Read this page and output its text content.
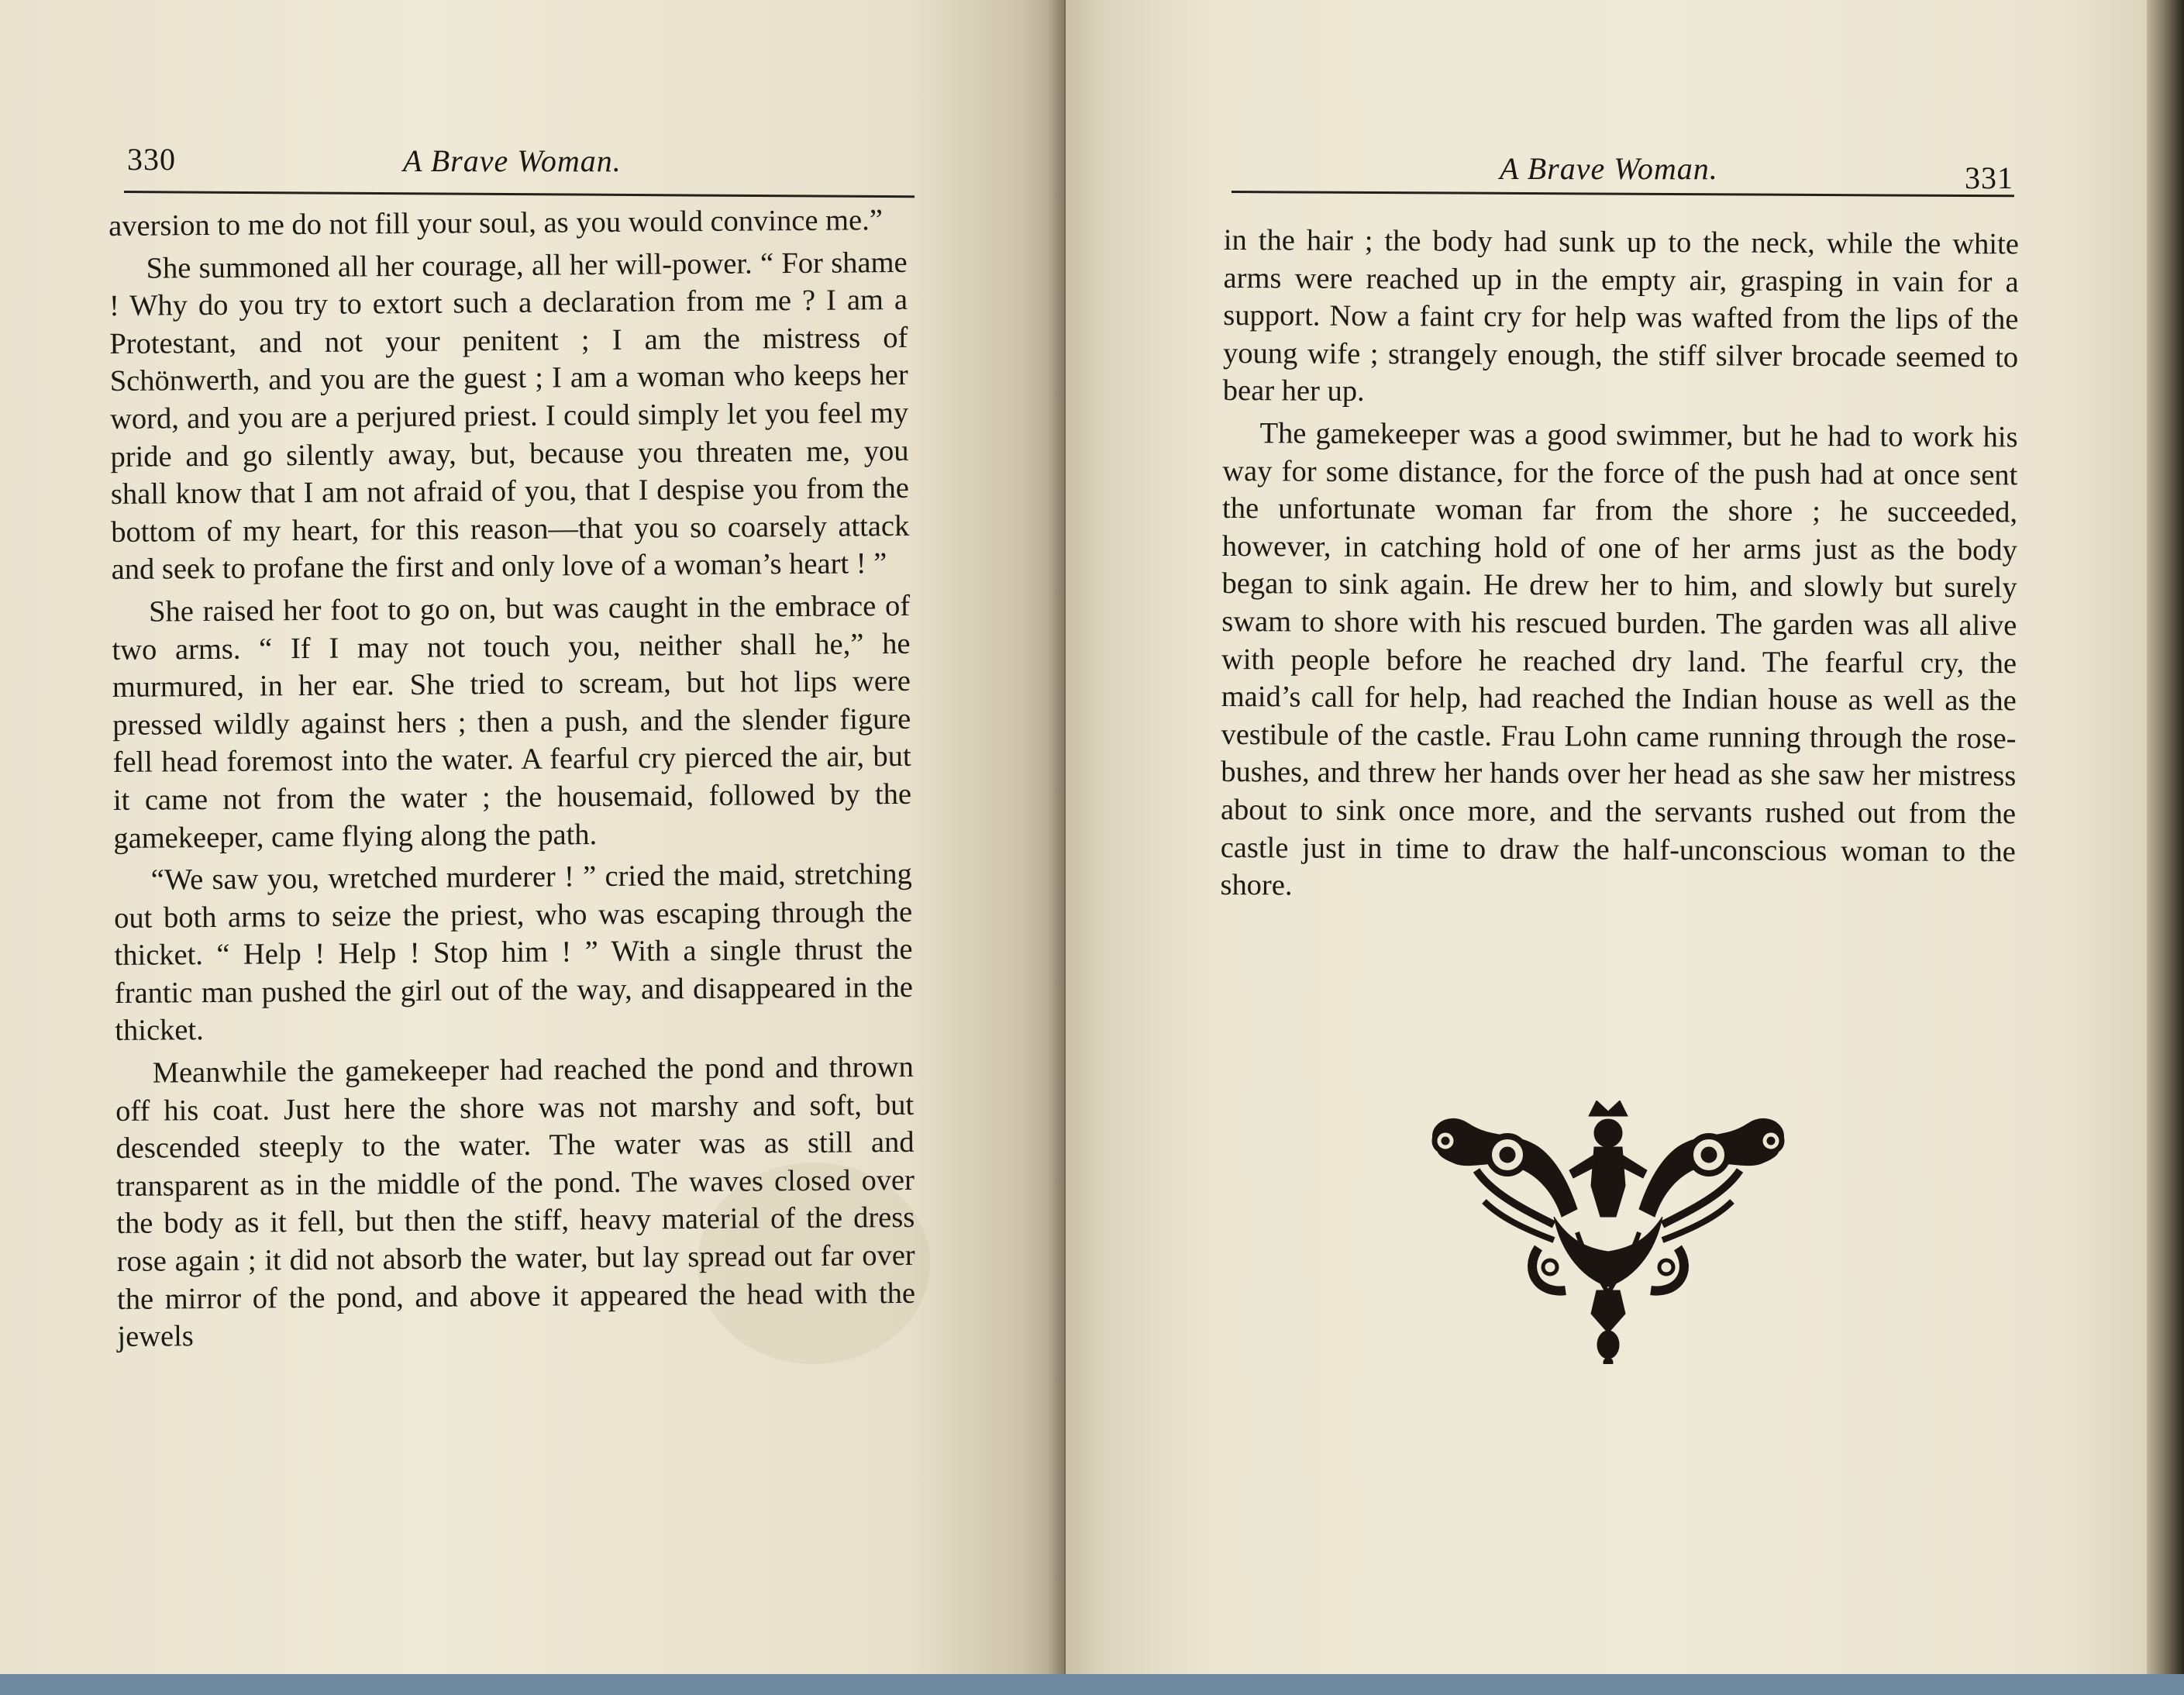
330	A Brave Woman.

aversion to me do not fill your soul, as you would convince me.”

She summoned all her courage, all her will-power. “ For shame ! Why do you try to extort such a declaration from me ? I am a Protestant, and not your penitent ; I am the mistress of Schönwerth, and you are the guest ; I am a woman who keeps her word, and you are a perjured priest. I could simply let you feel my pride and go silently away, but, because you threaten me, you shall know that I am not afraid of you, that I despise you from the bottom of my heart, for this reason—that you so coarsely attack and seek to profane the first and only love of a woman’s heart ! ”

She raised her foot to go on, but was caught in the embrace of two arms. “ If I may not touch you, neither shall he,” he murmured, in her ear. She tried to scream, but hot lips were pressed wildly against hers ; then a push, and the slender figure fell head foremost into the water. A fearful cry pierced the air, but it came not from the water ; the housemaid, followed by the gamekeeper, came flying along the path.

“We saw you, wretched murderer ! ” cried the maid, stretching out both arms to seize the priest, who was escaping through the thicket. “ Help ! Help ! Stop him ! ” With a single thrust the frantic man pushed the girl out of the way, and disappeared in the thicket.

Meanwhile the gamekeeper had reached the pond and thrown off his coat. Just here the shore was not marshy and soft, but descended steeply to the water. The water was as still and transparent as in the middle of the pond. The waves closed over the body as it fell, but then the stiff, heavy material of the dress rose again ; it did not absorb the water, but lay spread out far over the mirror of the pond, and above it appeared the head with the jewels

A Brave Woman.	331

in the hair ; the body had sunk up to the neck, while the white arms were reached up in the empty air, grasping in vain for a support. Now a faint cry for help was wafted from the lips of the young wife ; strangely enough, the stiff silver brocade seemed to bear her up.

The gamekeeper was a good swimmer, but he had to work his way for some distance, for the force of the push had at once sent the unfortunate woman far from the shore ; he succeeded, however, in catching hold of one of her arms just as the body began to sink again. He drew her to him, and slowly but surely swam to shore with his rescued burden. The garden was all alive with people before he reached dry land. The fearful cry, the maid’s call for help, had reached the Indian house as well as the vestibule of the castle. Frau Lohn came running through the rose-bushes, and threw her hands over her head as she saw her mistress about to sink once more, and the servants rushed out from the castle just in time to draw the half-unconscious woman to the shore.
